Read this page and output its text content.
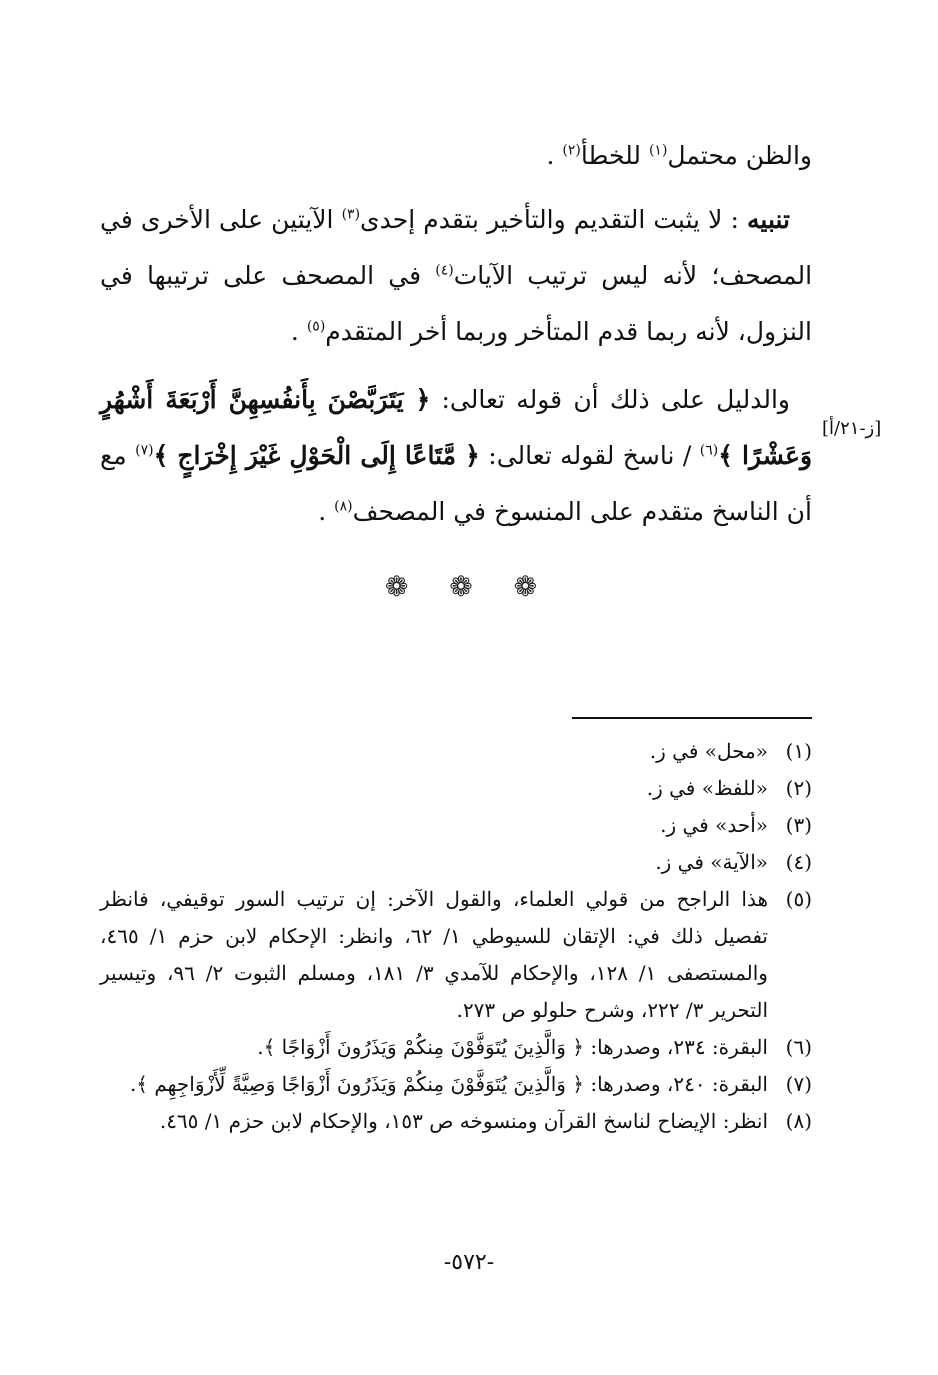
والظن محتمل$^{(١)}$ للخطأ$^{(٢)}$ .

تنبيه : لا يثبت التقديم والتأخير بتقدم إحدى$^{(٣)}$ الآيتين على الأخرى في المصحف؛ لأنه ليس ترتيب الآيات$^{(٤)}$ في المصحف على ترتيبها في النزول، لأنه ربما قدم المتأخر وربما أخر المتقدم$^{(٥)}$ .

والدليل على ذلك أن قوله تعالى: ﴿ يَتَرَبَّصْنَ بِأَنفُسِهِنَّ أَرْبَعَةَ أَشْهُرٍ وَعَشْرًا ﴾$^{(٦)}$ / ناسخ لقوله تعالى: ﴿ مَّتَاعًا إِلَى الْحَوْلِ غَيْرَ إِخْرَاجٍ ﴾$^{(٧)}$ مع أن الناسخ متقدم على المنسوخ في المصحف$^{(٨)}$ .

[ز-٢١/أ]
❁ ❁ ❁
(١)
«محل» في ز.
(٢)
«للفظ» في ز.
(٣)
«أحد» في ز.
(٤)
«الآية» في ز.
(٥)
هذا الراجح من قولي العلماء، والقول الآخر: إن ترتيب السور توقيفي، فانظر تفصيل ذلك في: الإتقان للسيوطي ١/ ٦٢، وانظر: الإحكام لابن حزم ١/ ٤٦٥، والمستصفى ١/ ١٢٨، والإحكام للآمدي ٣/ ١٨١، ومسلم الثبوت ٢/ ٩٦، وتيسير التحرير ٣/ ٢٢٢، وشرح حلولو ص ٢٧٣.
(٦)
البقرة: ٢٣٤، وصدرها: ﴿ وَالَّذِينَ يُتَوَفَّوْنَ مِنكُمْ وَيَذَرُونَ أَزْوَاجًا ﴾.
(٧)
البقرة: ٢٤٠، وصدرها: ﴿ وَالَّذِينَ يُتَوَفَّوْنَ مِنكُمْ وَيَذَرُونَ أَزْوَاجًا وَصِيَّةً لِّأَزْوَاجِهِم ﴾.
(٨)
انظر: الإيضاح لناسخ القرآن ومنسوخه ص ١٥٣، والإحكام لابن حزم ١/ ٤٦٥.
-٥٧٢-
